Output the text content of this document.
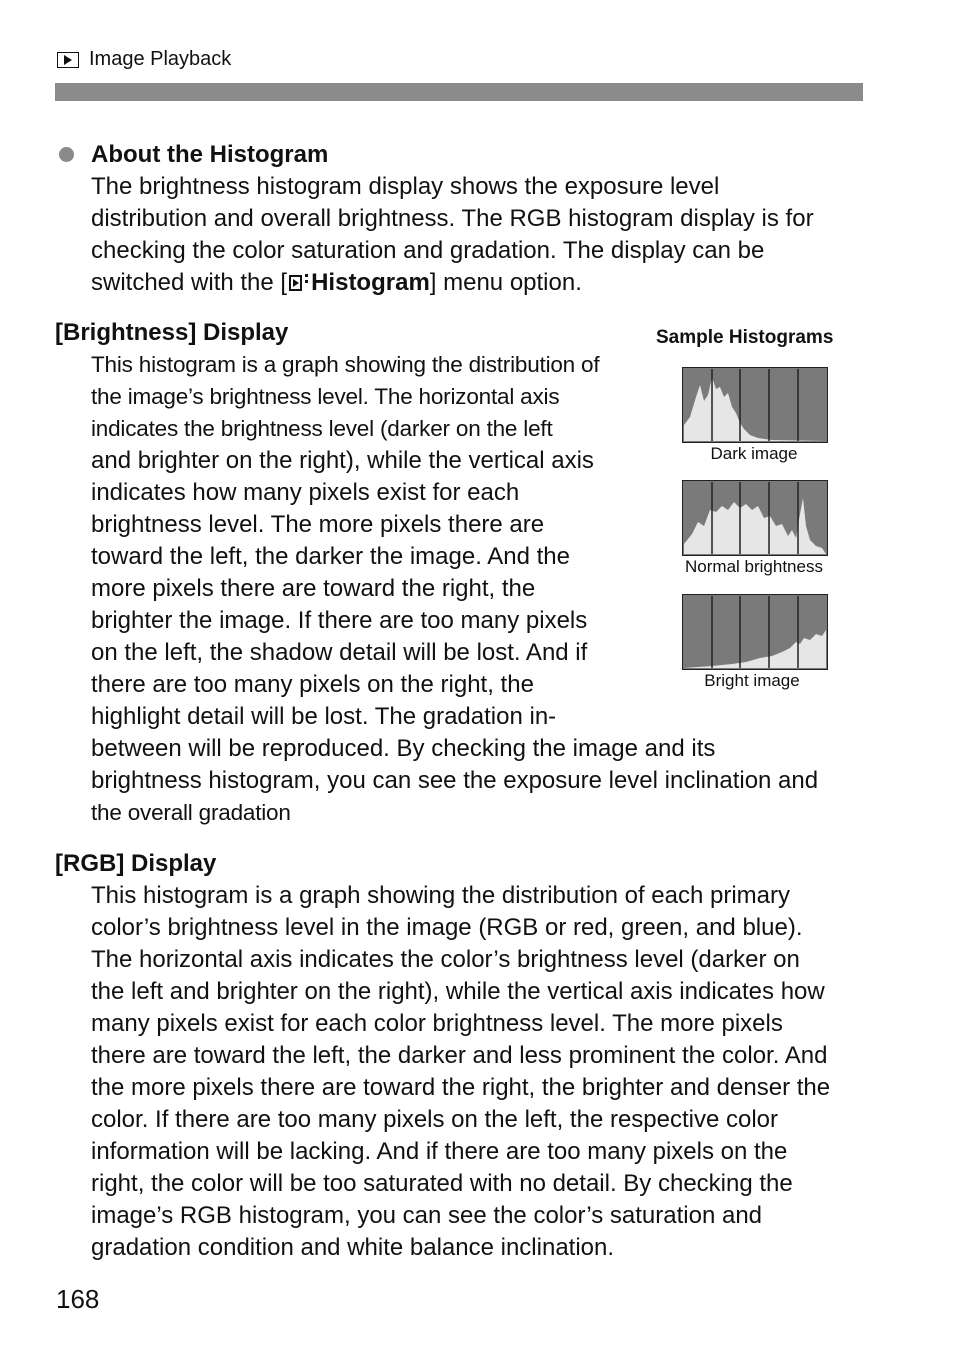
Image Playback
About the Histogram
The brightness histogram display shows the exposure level
distribution and overall brightness. The RGB histogram display is for
checking the color saturation and gradation. The display can be
switched with the [ Histogram] menu option.
[Brightness] Display
This histogram is a graph showing the distribution of
the image’s brightness level. The horizontal axis
indicates the brightness level (darker on the left
and brighter on the right), while the vertical axis
indicates how many pixels exist for each
brightness level. The more pixels there are
toward the left, the darker the image. And the
more pixels there are toward the right, the
brighter the image. If there are too many pixels
on the left, the shadow detail will be lost. And if
there are too many pixels on the right, the
highlight detail will be lost. The gradation in-
between will be reproduced. By checking the image and its
brightness histogram, you can see the exposure level inclination and
the overall gradation
Sample Histograms
Dark image
Normal brightness
Bright image
[RGB] Display
This histogram is a graph showing the distribution of each primary
color’s brightness level in the image (RGB or red, green, and blue).
The horizontal axis indicates the color’s brightness level (darker on
the left and brighter on the right), while the vertical axis indicates how
many pixels exist for each color brightness level. The more pixels
there are toward the left, the darker and less prominent the color. And
the more pixels there are toward the right, the brighter and denser the
color. If there are too many pixels on the left, the respective color
information will be lacking. And if there are too many pixels on the
right, the color will be too saturated with no detail. By checking the
image’s RGB histogram, you can see the color’s saturation and
gradation condition and white balance inclination.
168
